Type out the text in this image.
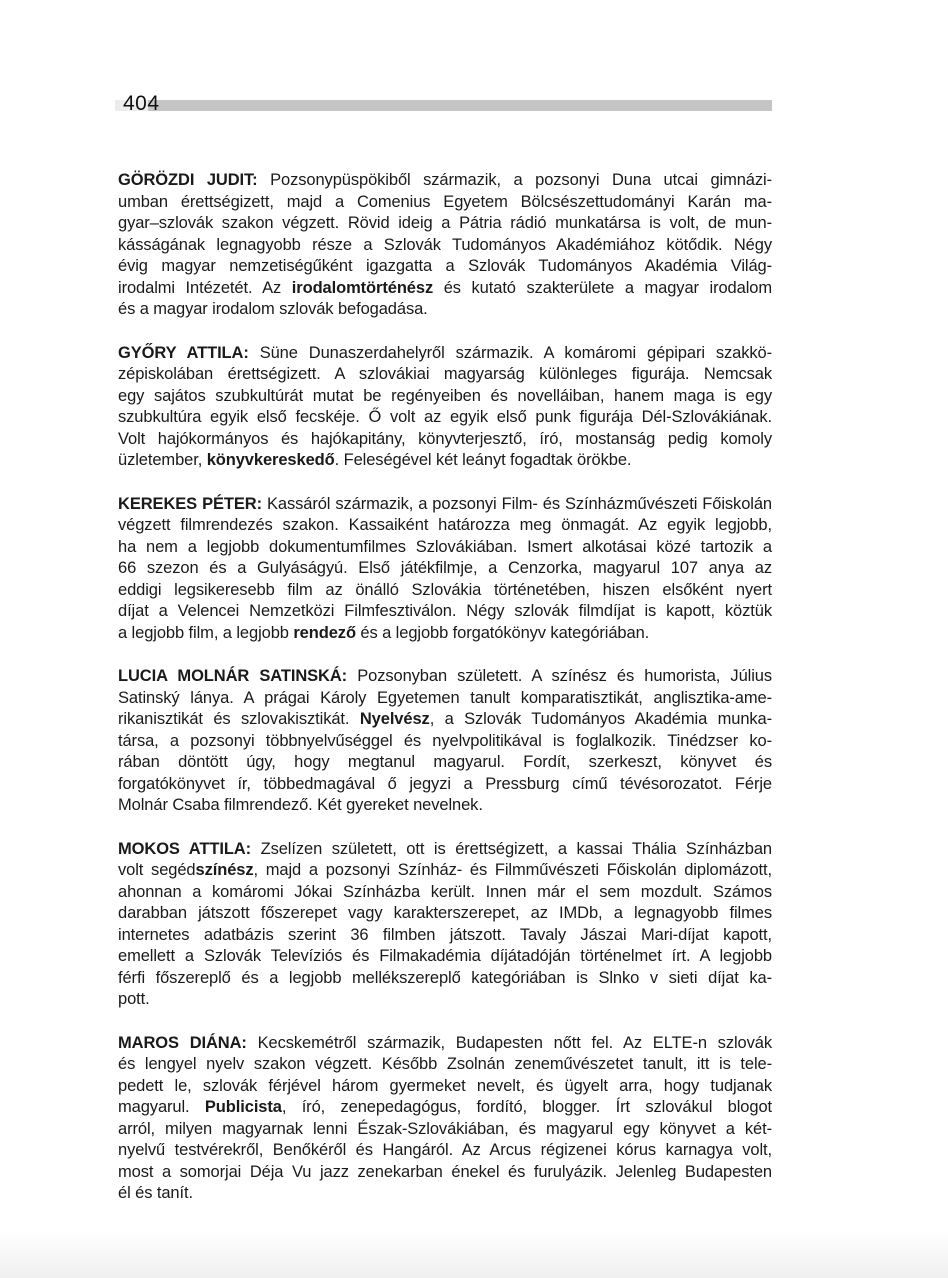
404
GÖRÖZDI JUDIT: Pozsonypüspökiből származik, a pozsonyi Duna utcai gimnázi-
umban érettségizett, majd a Comenius Egyetem Bölcsészettudományi Karán ma-
gyar–szlovák szakon végzett. Rövid ideig a Pátria rádió munkatársa is volt, de mun-
kásságának legnagyobb része a Szlovák Tudományos Akadémiához kötődik. Négy
évig magyar nemzetiségűként igazgatta a Szlovák Tudományos Akadémia Világ-
irodalmi Intézetét. Az irodalomtörténész és kutató szakterülete a magyar irodalom
és a magyar irodalom szlovák befogadása.
GYŐRY ATTILA: Süne Dunaszerdahelyről származik. A komáromi gépipari szakkö-
zépiskolában érettségizett. A szlovákiai magyarság különleges figurája. Nemcsak
egy sajátos szubkultúrát mutat be regényeiben és novelláiban, hanem maga is egy
szubkultúra egyik első fecskéje. Ő volt az egyik első punk figurája Dél-Szlovákiának.
Volt hajókormányos és hajókapitány, könyvterjesztő, író, mostanság pedig komoly
üzletember, könyvkereskedő. Feleségével két leányt fogadtak örökbe.
KEREKES PÉTER: Kassáról származik, a pozsonyi Film- és Színházművészeti Főiskolán
végzett filmrendezés szakon. Kassaiként határozza meg önmagát. Az egyik legjobb,
ha nem a legjobb dokumentumfilmes Szlovákiában. Ismert alkotásai közé tartozik a
66 szezon és a Gulyáságyú. Első játékfilmje, a Cenzorka, magyarul 107 anya az
eddigi legsikeresebb film az önálló Szlovákia történetében, hiszen elsőként nyert
díjat a Velencei Nemzetközi Filmfesztiválon. Négy szlovák filmdíjat is kapott, köztük
a legjobb film, a legjobb rendező és a legjobb forgatókönyv kategóriában.
LUCIA MOLNÁR SATINSKÁ: Pozsonyban született. A színész és humorista, Július
Satinský lánya. A prágai Károly Egyetemen tanult komparatisztikát, anglisztika-ame-
rikanisztikát és szlovakisztikát. Nyelvész, a Szlovák Tudományos Akadémia munka-
társa, a pozsonyi többnyelvűséggel és nyelvpolitikával is foglalkozik. Tinédzser ko-
rában döntött úgy, hogy megtanul magyarul. Fordít, szerkeszt, könyvet és
forgatókönyvet ír, többedmagával ő jegyzi a Pressburg című tévésorozatot. Férje
Molnár Csaba filmrendező. Két gyereket nevelnek.
MOKOS ATTILA: Zselízen született, ott is érettségizett, a kassai Thália Színházban
volt segédszínész, majd a pozsonyi Színház- és Filmművészeti Főiskolán diplomázott,
ahonnan a komáromi Jókai Színházba került. Innen már el sem mozdult. Számos
darabban játszott főszerepet vagy karakterszerepet, az IMDb, a legnagyobb filmes
internetes adatbázis szerint 36 filmben játszott. Tavaly Jászai Mari-díjat kapott,
emellett a Szlovák Televíziós és Filmakadémia díjátadóján történelmet írt. A legjobb
férfi főszereplő és a legjobb mellékszereplő kategóriában is Slnko v sieti díjat ka-
pott.
MAROS DIÁNA: Kecskemétről származik, Budapesten nőtt fel. Az ELTE-n szlovák
és lengyel nyelv szakon végzett. Később Zsolnán zeneművészetet tanult, itt is tele-
pedett le, szlovák férjével három gyermeket nevelt, és ügyelt arra, hogy tudjanak
magyarul. Publicista, író, zenepedagógus, fordító, blogger. Írt szlovákul blogot
arról, milyen magyarnak lenni Észak-Szlovákiában, és magyarul egy könyvet a két-
nyelvű testvérekről, Benőkéről és Hangáról. Az Arcus régizenei kórus karnagya volt,
most a somorjai Déja Vu jazz zenekarban énekel és furulyázik. Jelenleg Budapesten
él és tanít.
